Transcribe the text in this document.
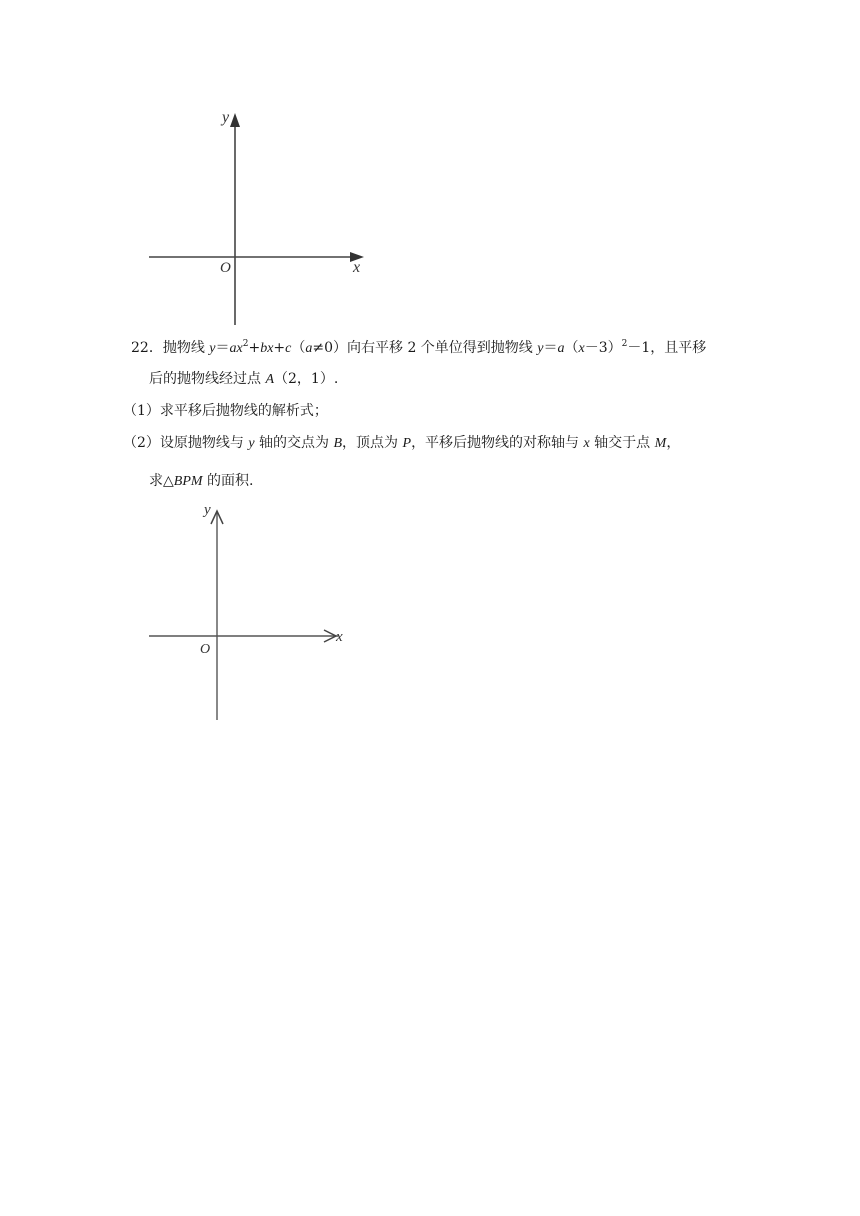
y
x
O
22．抛物线 $y=ax^2+bx+c(a\ne 0)$向右平移 2 个单位得到抛物线 $y=a(x-3)^2-1$，且平移
后的抛物线经过点 A（2，1）.
（1）求平移后抛物线的解析式；
（2）设原抛物线与 y 轴的交点为 B，顶点为 P，平移后抛物线的对称轴与 x 轴交于点 M，
求△BPM 的面积.
y
x
O
